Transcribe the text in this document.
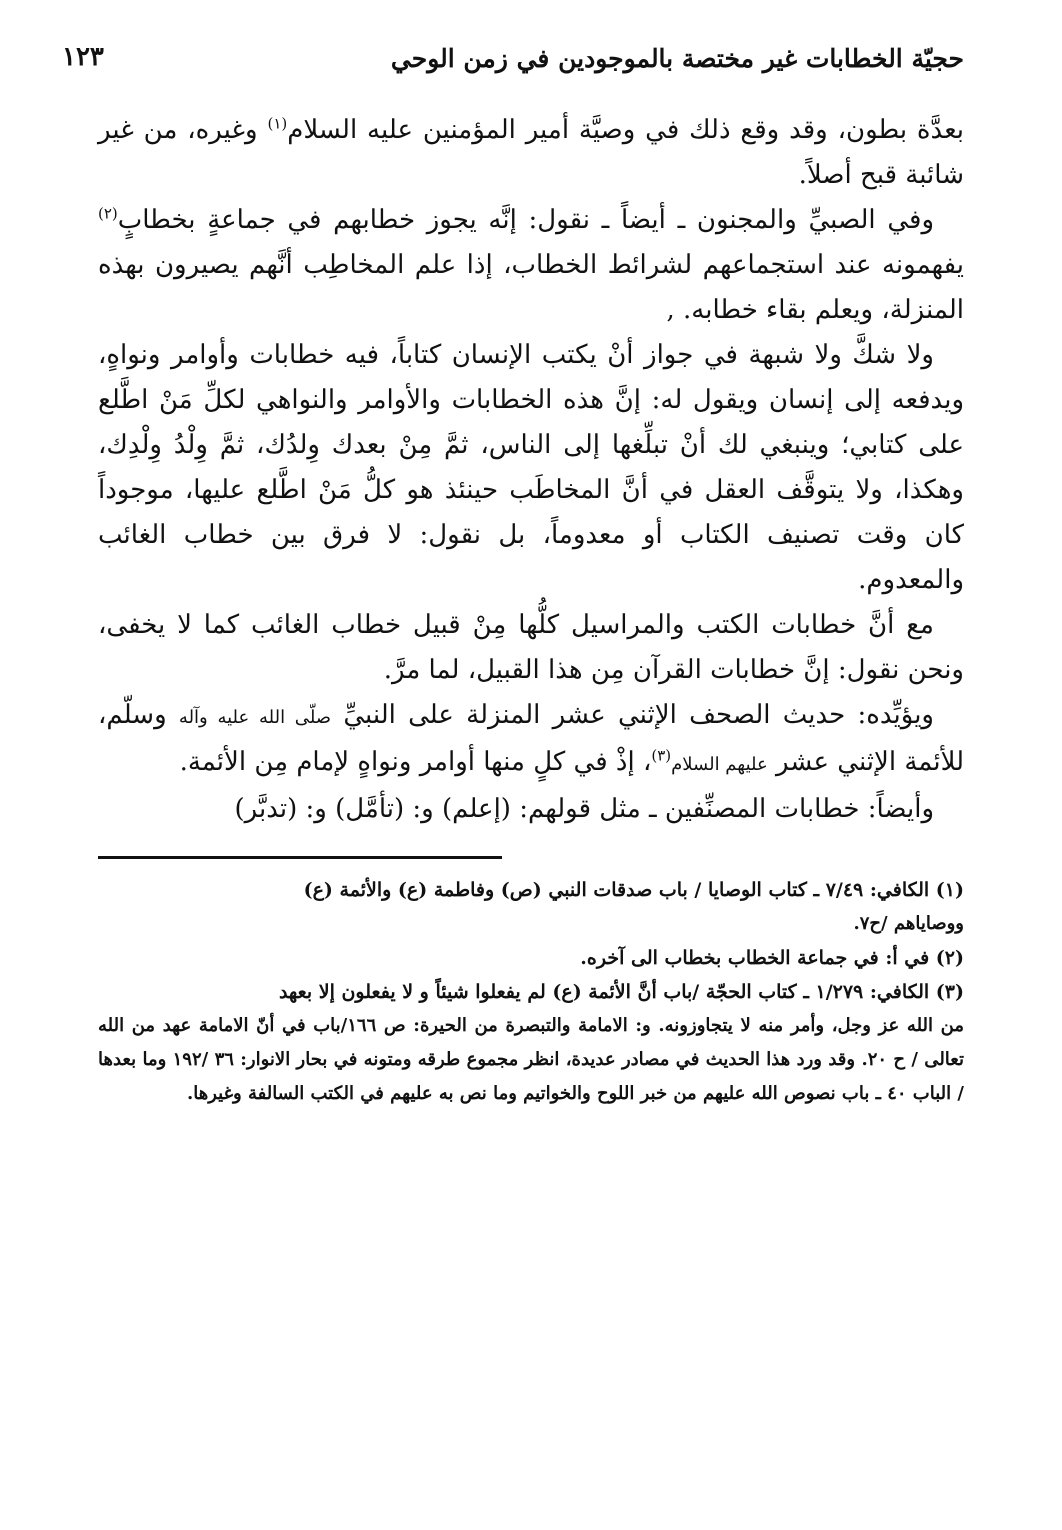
حجيّة الخطابات غير مختصة بالموجودين في زمن الوحي
١٢٣

بعدَّة بطون، وقد وقع ذلك في وصيَّة أمير المؤمنين عليه السلام$^{(١)}$ وغيره، من غير شائبة قبح أصلاً.

وفي الصبيِّ والمجنون ـ أيضاً ـ نقول: إنَّه يجوز خطابهم في جماعةٍ بخطابٍ$^{(٢)}$ يفهمونه عند استجماعهم لشرائط الخطاب، إذا علم المخاطِب أنَّهم يصيرون بهذه المنزلة، ويعلم بقاء خطابه. ,

ولا شكَّ ولا شبهة في جواز أنْ يكتب الإنسان كتاباً، فيه خطابات وأوامر ونواهٍ، ويدفعه إلى إنسان ويقول له: إنَّ هذه الخطابات والأوامر والنواهي لكلِّ مَنْ اطَّلع على كتابي؛ وينبغي لك أنْ تبلِّغها إلى الناس، ثمَّ مِنْ بعدك وِلدُك، ثمَّ وِلْدُ وِلْدِك، وهكذا، ولا يتوقَّف العقل في أنَّ المخاطَب حينئذ هو كلُّ مَنْ اطَّلع عليها، موجوداً كان وقت تصنيف الكتاب أو معدوماً، بل نقول: لا فرق بين خطاب الغائب والمعدوم.

مع أنَّ خطابات الكتب والمراسيل كلُّها مِنْ قبيل خطاب الغائب كما لا يخفى، ونحن نقول: إنَّ خطابات القرآن مِن هذا القبيل، لما مرَّ.

ويؤيِّده: حديث الصحف الإثني عشر المنزلة على النبيِّ صلّى الله عليه وآله وسلّم، للأئمة الإثني عشر عليهم السلام$^{(٣)}$، إذْ في كلٍ منها أوامر ونواهٍ لإمام مِن الأئمة.

وأيضاً: خطابات المصنِّفين ـ مثل قولهم: (إعلم) و: (تأمَّل) و: (تدبَّر)

(١) الكافي: ٧/٤٩ ـ كتاب الوصايا / باب صدقات النبي (ص) وفاطمة (ع) والأئمة (ع)

ووصاياهم /ح٧.

(٢) في أ: في جماعة الخطاب بخطاب الى آخره.

(٣) الكافي: ١/٢٧٩ ـ كتاب الحجّة /باب أنَّ الأئمة (ع) لم يفعلوا شيئاً و لا يفعلون إلا بعهد

من الله عز وجل، وأمر منه لا يتجاوزونه. و: الامامة والتبصرة من الحيرة: ص ١٦٦/باب في أنّ الامامة عهد من الله تعالى / ح ٢٠. وقد ورد هذا الحديث في مصادر عديدة، انظر مجموع طرقه ومتونه في بحار الانوار: ٣٦ /١٩٢ وما بعدها / الباب ٤٠ ـ باب نصوص الله عليهم من خبر اللوح والخواتيم وما نص به عليهم في الكتب السالفة وغيرها.
